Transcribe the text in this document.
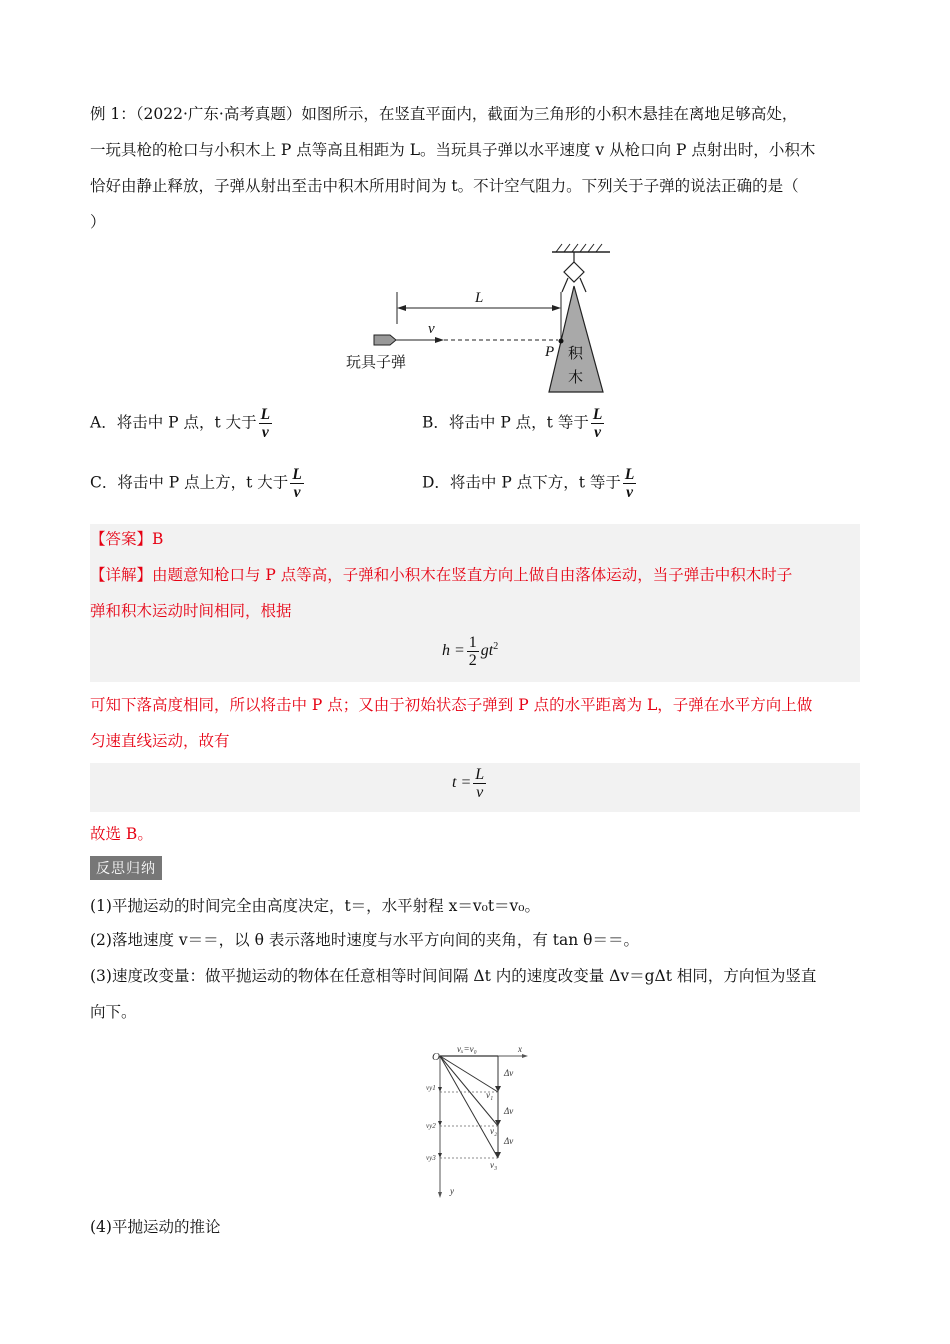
例 1：（2022·广东·高考真题）如图所示，在竖直平面内，截面为三角形的小积木悬挂在离地足够高处，
一玩具枪的枪口与小积木上 P 点等高且相距为 L。当玩具子弹以水平速度 v 从枪口向 P 点射出时，小积木
恰好由静止释放，子弹从射出至击中积木所用时间为 t。不计空气阻力。下列关于子弹的说法正确的是（
）
积
木
L
v
P
玩具子弹
A．将击中 P 点，t 大于 $\frac{L}{v}$	B．将击中 P 点，t 等于 $\frac{L}{v}$
C．将击中 P 点上方，t 大于 $\frac{L}{v}$	D．将击中 P 点下方，t 等于 $\frac{L}{v}$
【答案】B
【详解】由题意知枪口与 P 点等高，子弹和小积木在竖直方向上做自由落体运动，当子弹击中积木时子
弹和积木运动时间相同，根据
$h = \frac{1}{2} gt^2$
可知下落高度相同，所以将击中 P 点；又由于初始状态子弹到 P 点的水平距离为 L，子弹在水平方向上做
匀速直线运动，故有
$t = \frac{L}{v}$
故选 B。
反思归纳
(1)平抛运动的时间完全由高度决定，t＝，水平射程 x＝v₀t＝v₀。
(2)落地速度 v＝＝，以 θ 表示落地时速度与水平方向间的夹角，有 tan θ＝＝。
(3)速度改变量：做平抛运动的物体在任意相等时间间隔 Δt 内的速度改变量 Δv＝gΔt 相同，方向恒为竖直
向下。
O
vₓ=v₀	x
y
Δv
Δv
Δv
v₁
v₂
v₃
vy1
vy2
vy3
(4)平抛运动的推论
